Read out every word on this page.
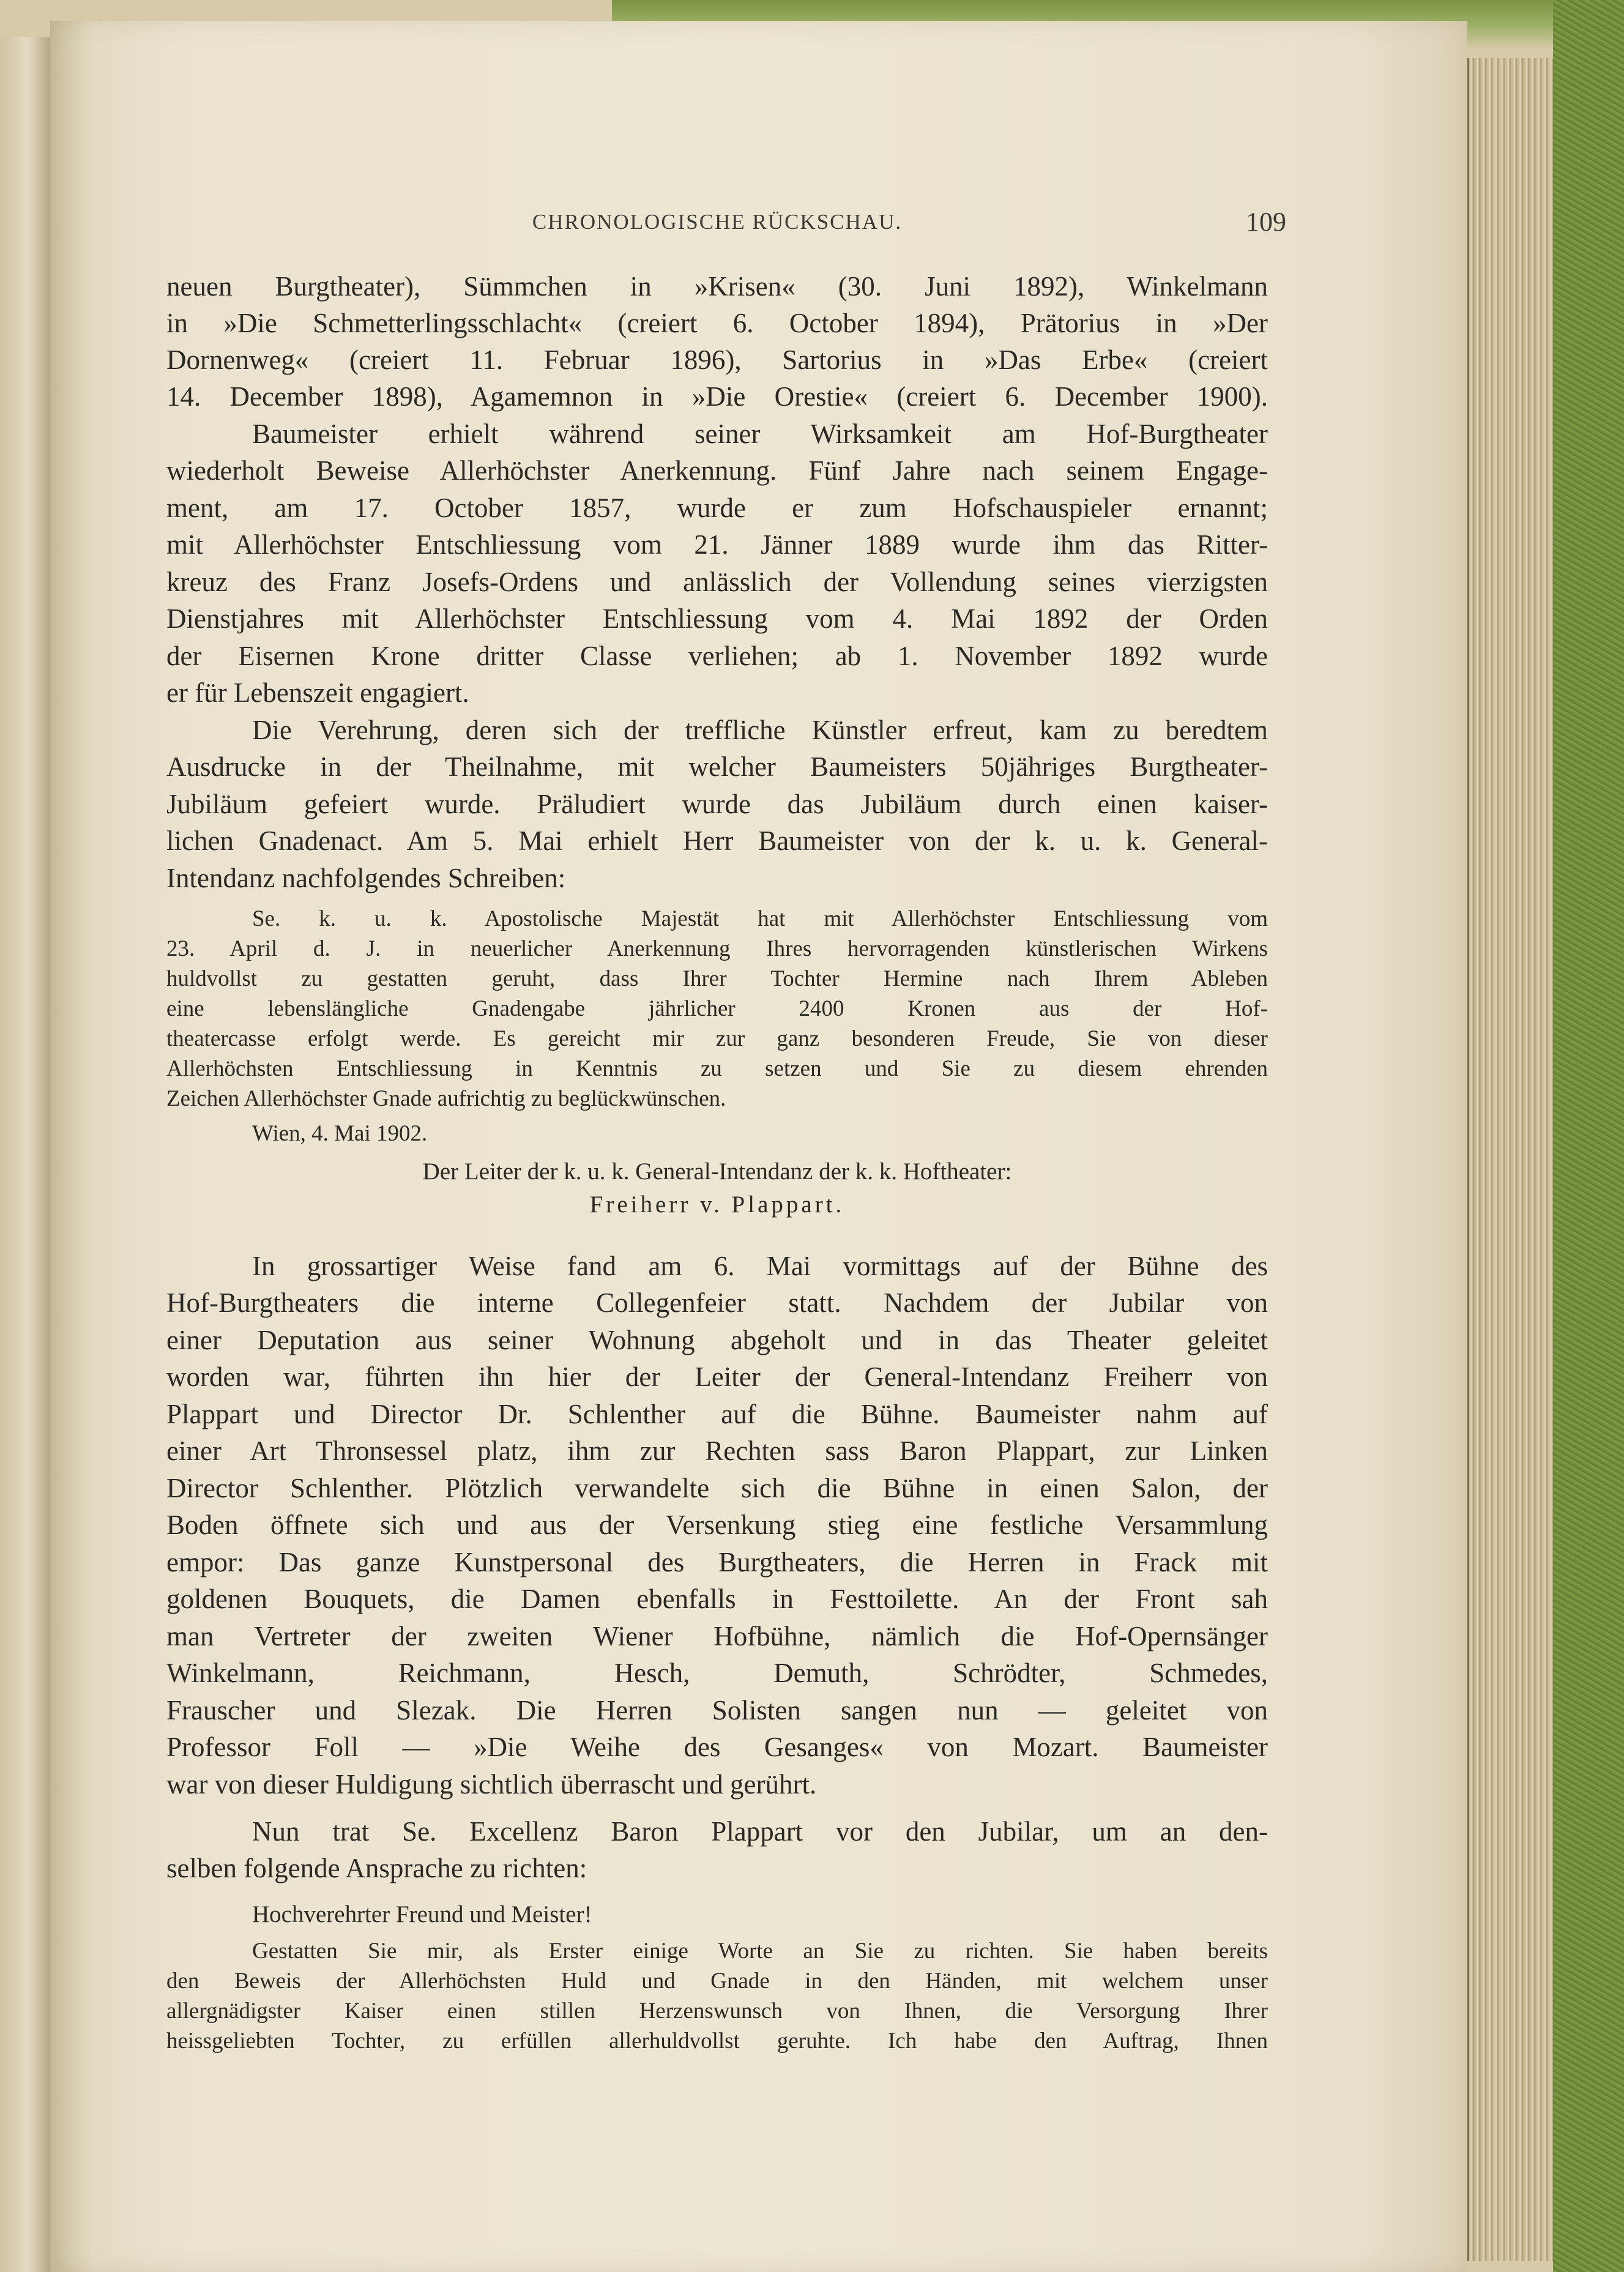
CHRONOLOGISCHE RÜCKSCHAU.	109
neuen Burgtheater), Sümmchen in »Krisen« (30. Juni 1892), Winkelmann
in »Die Schmetterlingsschlacht« (creiert 6. October 1894), Prätorius in »Der
Dornenweg« (creiert 11. Februar 1896), Sartorius in »Das Erbe« (creiert
14. December 1898), Agamemnon in »Die Orestie« (creiert 6. December 1900).
Baumeister erhielt während seiner Wirksamkeit am Hof-Burgtheater
wiederholt Beweise Allerhöchster Anerkennung. Fünf Jahre nach seinem Engage-
ment, am 17. October 1857, wurde er zum Hofschauspieler ernannt;
mit Allerhöchster Entschliessung vom 21. Jänner 1889 wurde ihm das Ritter-
kreuz des Franz Josefs-Ordens und anlässlich der Vollendung seines vierzigsten
Dienstjahres mit Allerhöchster Entschliessung vom 4. Mai 1892 der Orden
der Eisernen Krone dritter Classe verliehen; ab 1. November 1892 wurde
er für Lebenszeit engagiert.
Die Verehrung, deren sich der treffliche Künstler erfreut, kam zu beredtem
Ausdrucke in der Theilnahme, mit welcher Baumeisters 50jähriges Burgtheater-
Jubiläum gefeiert wurde. Präludiert wurde das Jubiläum durch einen kaiser-
lichen Gnadenact. Am 5. Mai erhielt Herr Baumeister von der k. u. k. General-
Intendanz nachfolgendes Schreiben:
Se. k. u. k. Apostolische Majestät hat mit Allerhöchster Entschliessung vom
23. April d. J. in neuerlicher Anerkennung Ihres hervorragenden künstlerischen Wirkens
huldvollst zu gestatten geruht, dass Ihrer Tochter Hermine nach Ihrem Ableben
eine lebenslängliche Gnadengabe jährlicher 2400 Kronen aus der Hof-
theatercasse erfolgt werde. Es gereicht mir zur ganz besonderen Freude, Sie von dieser
Allerhöchsten Entschliessung in Kenntnis zu setzen und Sie zu diesem ehrenden
Zeichen Allerhöchster Gnade aufrichtig zu beglückwünschen.
Wien, 4. Mai 1902.
Der Leiter der k. u. k. General-Intendanz der k. k. Hoftheater:
Freiherr v. Plappart.
In grossartiger Weise fand am 6. Mai vormittags auf der Bühne des
Hof-Burgtheaters die interne Collegenfeier statt. Nachdem der Jubilar von
einer Deputation aus seiner Wohnung abgeholt und in das Theater geleitet
worden war, führten ihn hier der Leiter der General-Intendanz Freiherr von
Plappart und Director Dr. Schlenther auf die Bühne. Baumeister nahm auf
einer Art Thronsessel platz, ihm zur Rechten sass Baron Plappart, zur Linken
Director Schlenther. Plötzlich verwandelte sich die Bühne in einen Salon, der
Boden öffnete sich und aus der Versenkung stieg eine festliche Versammlung
empor: Das ganze Kunstpersonal des Burgtheaters, die Herren in Frack mit
goldenen Bouquets, die Damen ebenfalls in Festtoilette. An der Front sah
man Vertreter der zweiten Wiener Hofbühne, nämlich die Hof-Opernsänger
Winkelmann, Reichmann, Hesch, Demuth, Schrödter, Schmedes,
Frauscher und Slezak. Die Herren Solisten sangen nun — geleitet von
Professor Foll — »Die Weihe des Gesanges« von Mozart. Baumeister
war von dieser Huldigung sichtlich überrascht und gerührt.
Nun trat Se. Excellenz Baron Plappart vor den Jubilar, um an den-
selben folgende Ansprache zu richten:
Hochverehrter Freund und Meister!
Gestatten Sie mir, als Erster einige Worte an Sie zu richten. Sie haben bereits
den Beweis der Allerhöchsten Huld und Gnade in den Händen, mit welchem unser
allergnädigster Kaiser einen stillen Herzenswunsch von Ihnen, die Versorgung Ihrer
heissgeliebten Tochter, zu erfüllen allerhuldvollst geruhte. Ich habe den Auftrag, Ihnen
